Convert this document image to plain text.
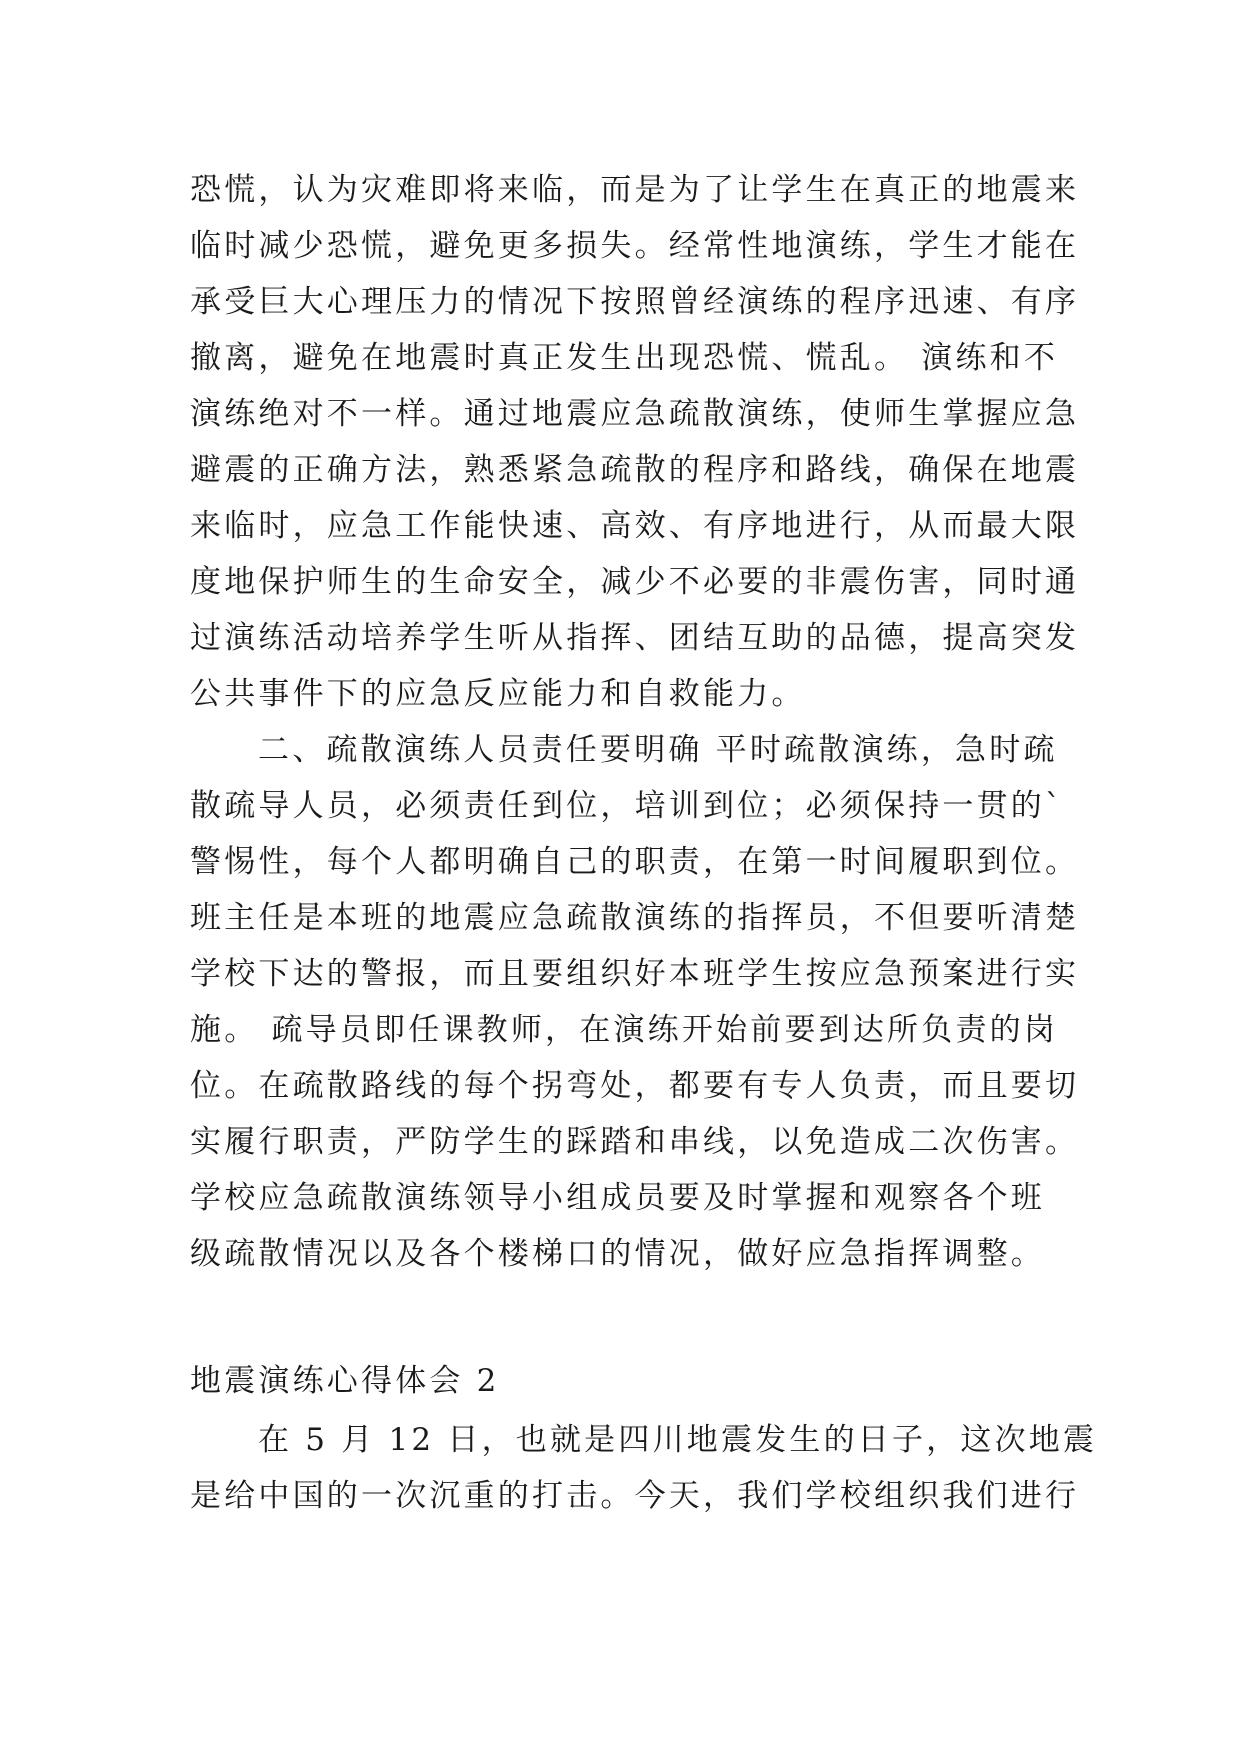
恐慌，认为灾难即将来临，而是为了让学生在真正的地震来
临时减少恐慌，避免更多损失。经常性地演练，学生才能在
承受巨大心理压力的情况下按照曾经演练的程序迅速、有序
撤离，避免在地震时真正发生出现恐慌、慌乱。 演练和不
演练绝对不一样。通过地震应急疏散演练，使师生掌握应急
避震的正确方法，熟悉紧急疏散的程序和路线，确保在地震
来临时，应急工作能快速、高效、有序地进行，从而最大限
度地保护师生的生命安全，减少不必要的非震伤害，同时通
过演练活动培养学生听从指挥、团结互助的品德，提高突发
公共事件下的应急反应能力和自救能力。
二、疏散演练人员责任要明确 平时疏散演练，急时疏
散疏导人员，必须责任到位，培训到位；必须保持一贯的`
警惕性，每个人都明确自己的职责，在第一时间履职到位。
班主任是本班的地震应急疏散演练的指挥员，不但要听清楚
学校下达的警报，而且要组织好本班学生按应急预案进行实
施。 疏导员即任课教师，在演练开始前要到达所负责的岗
位。在疏散路线的每个拐弯处，都要有专人负责，而且要切
实履行职责，严防学生的踩踏和串线，以免造成二次伤害。
学校应急疏散演练领导小组成员要及时掌握和观察各个班
级疏散情况以及各个楼梯口的情况，做好应急指挥调整。
地震演练心得体会 2
在 5 月 12 日，也就是四川地震发生的日子，这次地震
是给中国的一次沉重的打击。今天，我们学校组织我们进行
